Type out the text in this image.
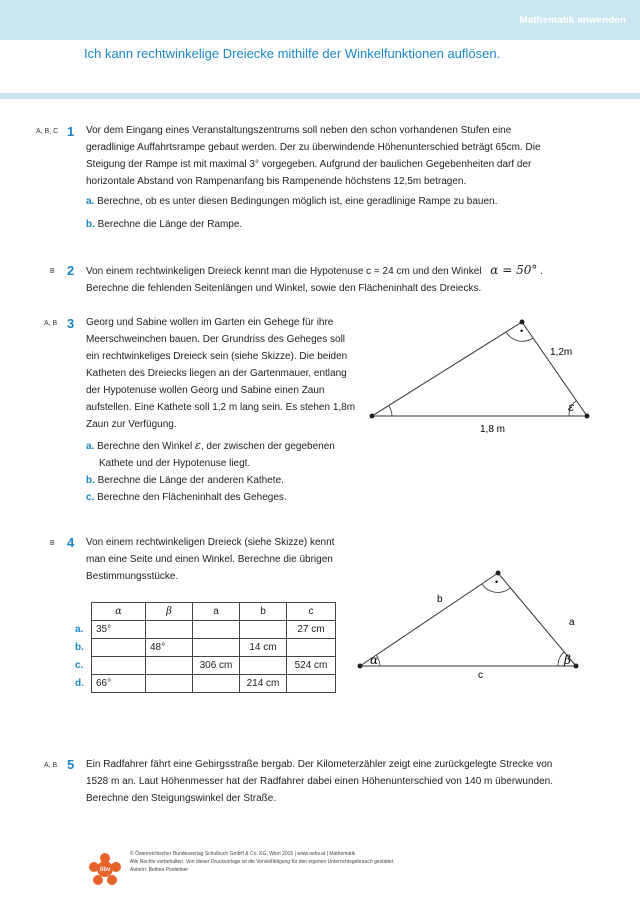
Mathematik anwenden
Ich kann rechtwinkelige Dreiecke mithilfe der Winkelfunktionen auflösen.
A, B, C 1 Vor dem Eingang eines Veranstaltungszentrums soll neben den schon vorhandenen Stufen eine
geradlinige Auffahrtsrampe gebaut werden. Der zu überwindende Höhenunterschied beträgt 65cm. Die
Steigung der Rampe ist mit maximal 3° vorgegeben. Aufgrund der baulichen Gegebenheiten darf der
horizontale Abstand von Rampenanfang bis Rampenende höchstens 12,5m betragen.
a. Berechne, ob es unter diesen Bedingungen möglich ist, eine geradlinige Rampe zu bauen.
b. Berechne die Länge der Rampe.
B 2 Von einem rechtwinkeligen Dreieck kennt man die Hypotenuse c = 24 cm und den Winkel α = 50° .
Berechne die fehlenden Seitenlängen und Winkel, sowie den Flächeninhalt des Dreiecks.
A, B 3 Georg und Sabine wollen im Garten ein Gehege für ihre
Meerschweinchen bauen. Der Grundriss des Geheges soll
ein rechtwinkeliges Dreieck sein (siehe Skizze). Die beiden
Katheten des Dreiecks liegen an der Gartenmauer, entlang
der Hypotenuse wollen Georg und Sabine einen Zaun
aufstellen. Eine Kathete soll 1,2 m lang sein. Es stehen 1,8m
Zaun zur Verfügung.
a. Berechne den Winkel ε, der zwischen der gegebenen
Kathete und der Hypotenuse liegt.
b. Berechne die Länge der anderen Kathete.
c. Berechne den Flächeninhalt des Geheges.
•
ε
1,2m
1,8 m
B 4 Von einem rechtwinkeligen Dreieck (siehe Skizze) kennt
man eine Seite und einen Winkel. Berechne die übrigen
Bestimmungsstücke.
	α	β	a	b	c
a.	35°				27 cm
b.		48°		14 cm	
c.			306 cm		524 cm
d.	66°			214 cm	
•
α	β
b
a
c
A, B 5 Ein Radfahrer fährt eine Gebirgsstraße bergab. Der Kilometerzähler zeigt eine zurückgelegte Strecke von
1528 m an. Laut Höhenmesser hat der Radfahrer dabei einen Höhenunterschied von 140 m überwunden.
Berechne den Steigungswinkel der Straße.
öbv
© Österreichischer Bundesverlag Schulbuch GmbH & Co. KG, Wien 2015 | www.oebv.at | Mathematik
Alle Rechte vorbehalten. Von dieser Druckvorlage ist die Vervielfältigung für den eigenen Unterrichtsgebrauch gestattet.
Autorin: Bettina Ponleitner
